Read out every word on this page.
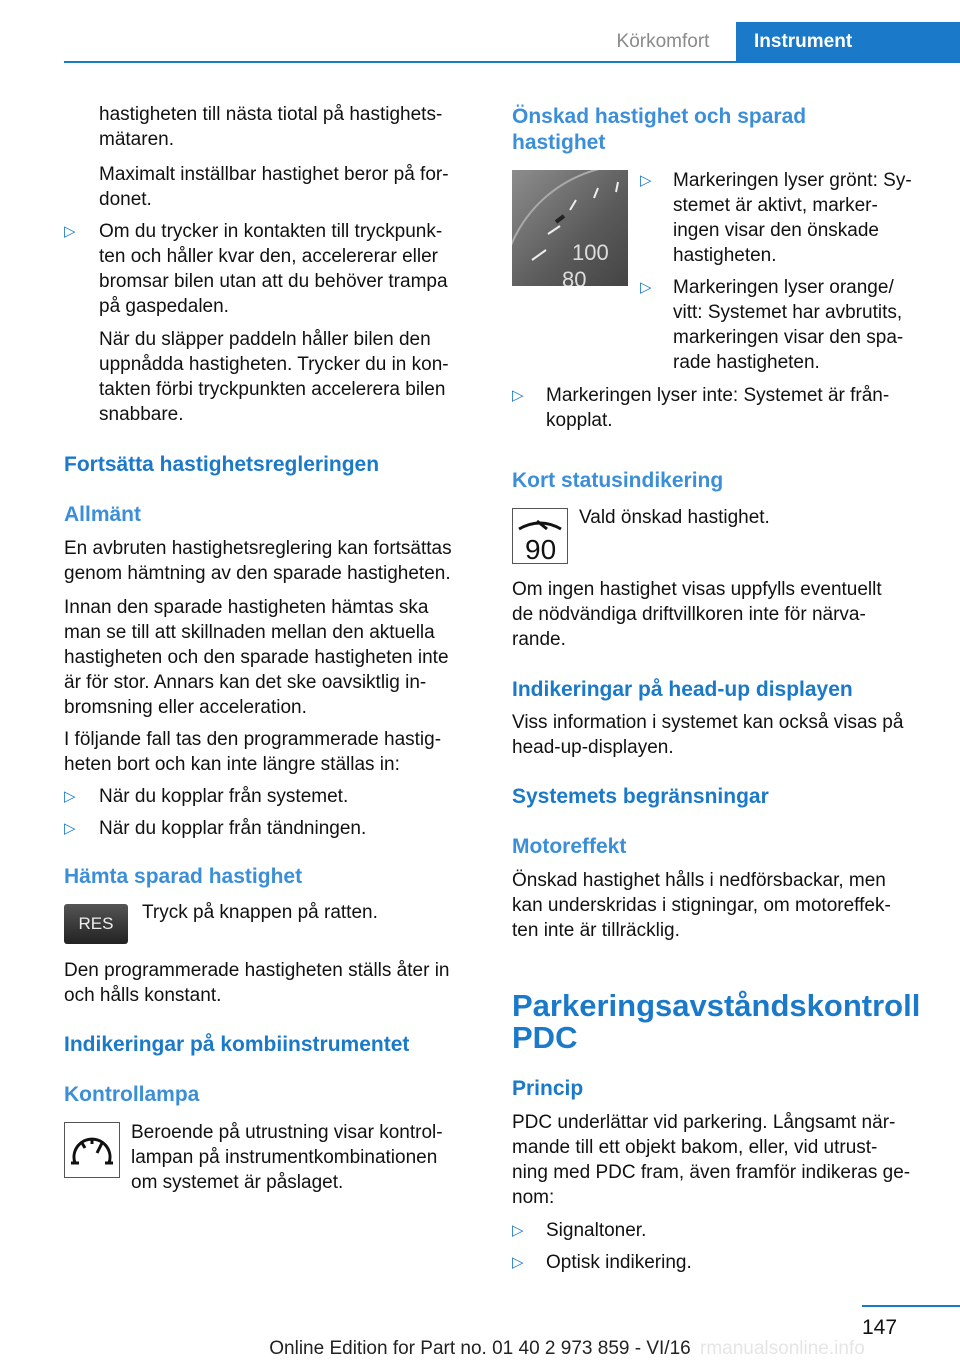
Körkomfort	Instrument
hastigheten till nästa tiotal på hastighets-
mätaren.
Maximalt inställbar hastighet beror på for-
donet.
▷ Om du trycker in kontakten till tryckpunk-
ten och håller kvar den, accelererar eller
bromsar bilen utan att du behöver trampa
på gaspedalen.
När du släpper paddeln håller bilen den
uppnådda hastigheten. Trycker du in kon-
takten förbi tryckpunkten accelerera bilen
snabbare.
Fortsätta hastighetsregleringen
Allmänt
En avbruten hastighetsreglering kan fortsättas
genom hämtning av den sparade hastigheten.
Innan den sparade hastigheten hämtas ska
man se till att skillnaden mellan den aktuella
hastigheten och den sparade hastigheten inte
är för stor. Annars kan det ske oavsiktlig in-
bromsning eller acceleration.
I följande fall tas den programmerade hastig-
heten bort och kan inte längre ställas in:
▷ När du kopplar från systemet.
▷ När du kopplar från tändningen.
Hämta sparad hastighet
RES
Tryck på knappen på ratten.
Den programmerade hastigheten ställs åter in
och hålls konstant.
Indikeringar på kombiinstrumentet
Kontrollampa
Beroende på utrustning visar kontrol-
lampan på instrumentkombinationen
om systemet är påslaget.
Önskad hastighet och sparad
hastighet
100
80
▷ Markeringen lyser grönt: Sy-
stemet är aktivt, marker-
ingen visar den önskade
hastigheten.
▷ Markeringen lyser orange/
vitt: Systemet har avbrutits,
markeringen visar den spa-
rade hastigheten.
▷ Markeringen lyser inte: Systemet är från-
kopplat.
Kort statusindikering
90
Vald önskad hastighet.
Om ingen hastighet visas uppfylls eventuellt
de nödvändiga driftvillkoren inte för närva-
rande.
Indikeringar på head-up displayen
Viss information i systemet kan också visas på
head-up-displayen.
Systemets begränsningar
Motoreffekt
Önskad hastighet hålls i nedförsbackar, men
kan underskridas i stigningar, om motoreffek-
ten inte är tillräcklig.
Parkeringsavståndskontroll
PDC
Princip
PDC underlättar vid parkering. Långsamt när-
mande till ett objekt bakom, eller, vid utrust-
ning med PDC fram, även framför indikeras ge-
nom:
▷ Signaltoner.
▷ Optisk indikering.
147
Online Edition for Part no. 01 40 2 973 859 - VI/16 rmanualsonline.info
